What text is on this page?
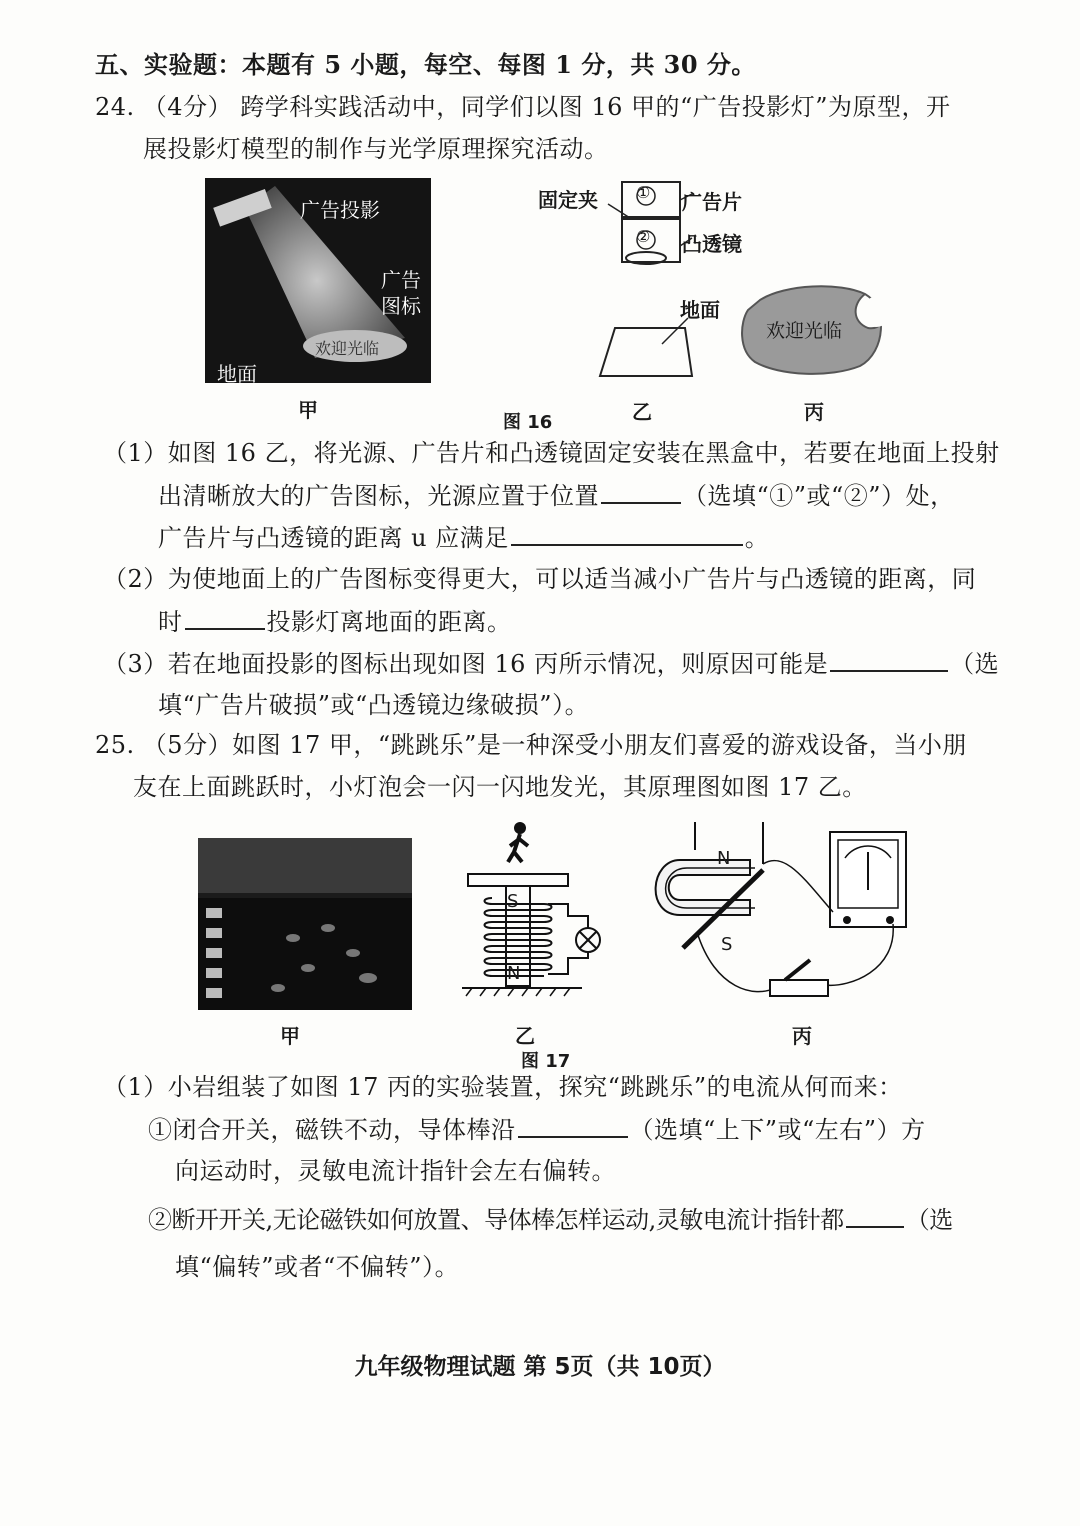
五、实验题：本题有 5 小题，每空、每图 1 分，共 30 分。
24. （4分） 跨学科实践活动中，同学们以图 16 甲的“广告投影灯”为原型，开
展投影灯模型的制作与光学原理探究活动。
广告投影
广告
图标
地面
欢迎光临
甲
固定夹 ①
②
广告片
凸透镜
地面
乙
欢迎光临
丙
图 16
（1）如图 16 乙，将光源、广告片和凸透镜固定安装在黑盒中，若要在地面上投射
出清晰放大的广告图标，光源应置于位置	（选填“①”或“②”）处，
广告片与凸透镜的距离 u 应满足	。
（2）为使地面上的广告图标变得更大，可以适当减小广告片与凸透镜的距离，同
时	投影灯离地面的距离。
（3）若在地面投影的图标出现如图 16 丙所示情况，则原因可能是	（选
填“广告片破损”或“凸透镜边缘破损”）。
25. （5分）如图 17 甲，“跳跳乐”是一种深受小朋友们喜爱的游戏设备，当小朋
友在上面跳跃时，小灯泡会一闪一闪地发光，其原理图如图 17 乙。
甲
S
N
乙
N
S
丙
图 17
（1）小岩组装了如图 17 丙的实验装置，探究“跳跳乐”的电流从何而来：
①闭合开关，磁铁不动，导体棒沿	（选填“上下”或“左右”）方
向运动时，灵敏电流计指针会左右偏转。
②断开开关,无论磁铁如何放置、导体棒怎样运动,灵敏电流计指针都	（选
填“偏转”或者“不偏转”）。
九年级物理试题 第 5页（共 10页）
